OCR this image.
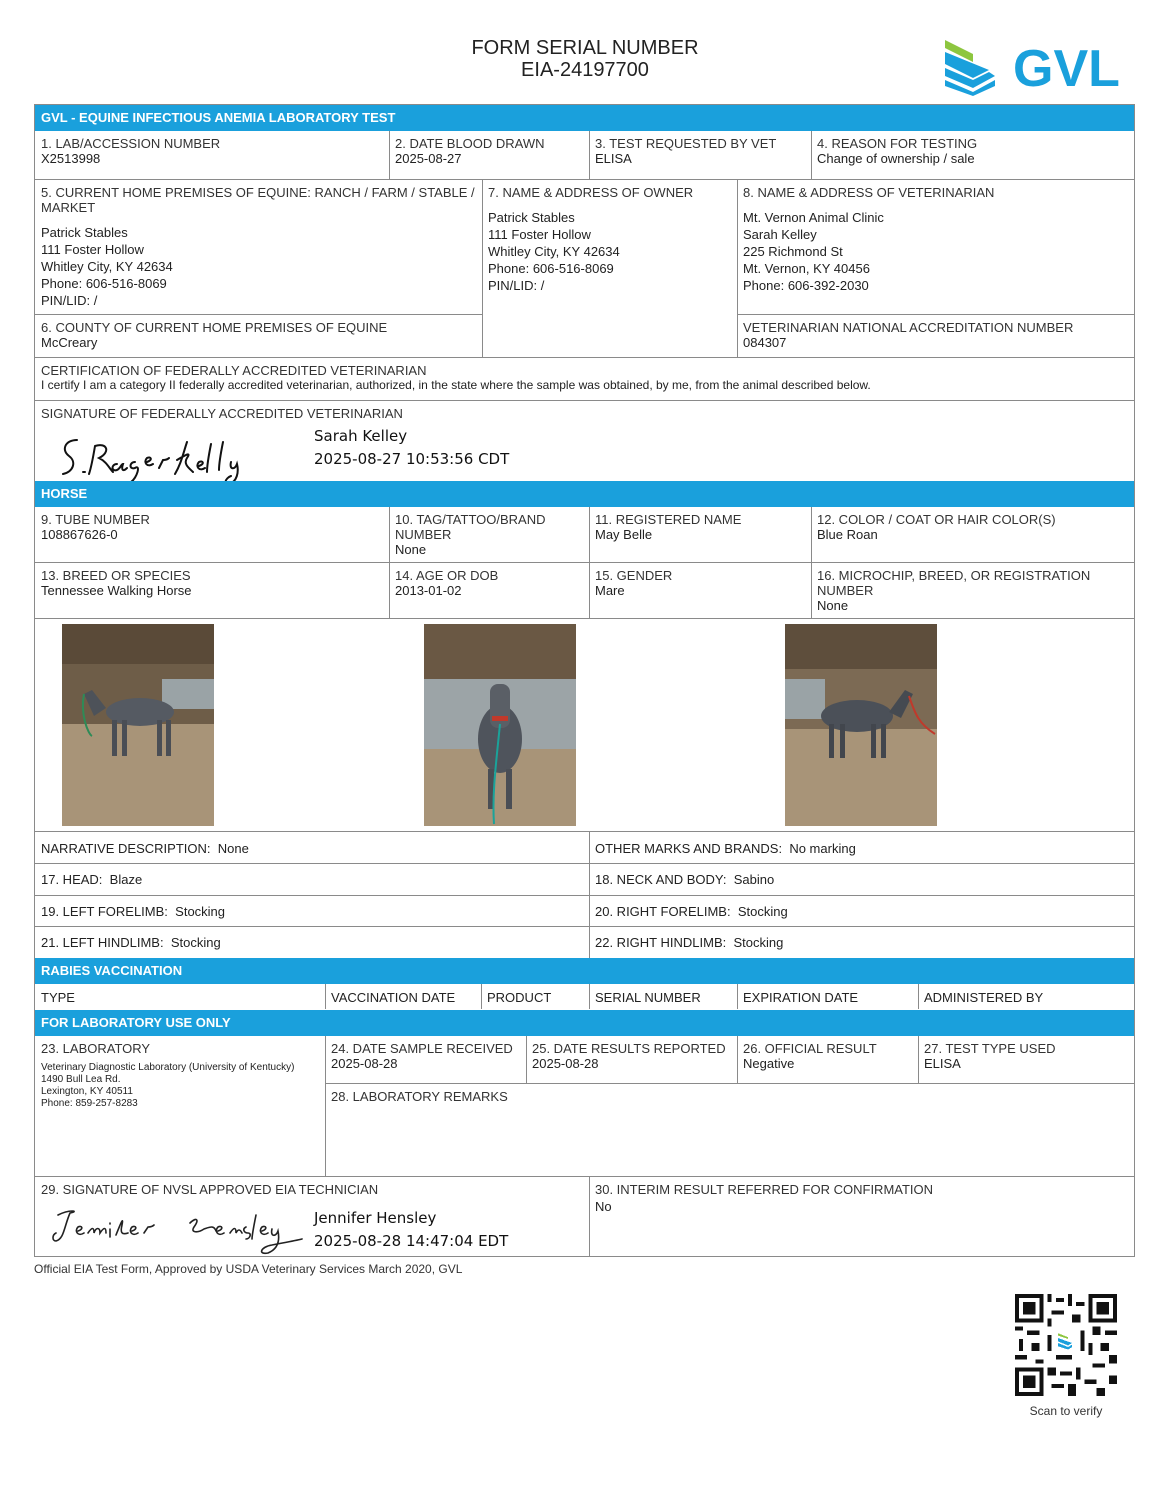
FORM SERIAL NUMBER
EIA-24197700	GVL
GVL - EQUINE INFECTIOUS ANEMIA LABORATORY TEST
1. LAB/ACCESSION NUMBER
X2513998
2. DATE BLOOD DRAWN
2025-08-27
3. TEST REQUESTED BY VET
ELISA
4. REASON FOR TESTING
Change of ownership / sale
5. CURRENT HOME PREMISES OF EQUINE: RANCH / FARM / STABLE / MARKET
Patrick Stables
111 Foster Hollow
Whitley City, KY 42634
Phone: 606-516-8069
PIN/LID: /
7. NAME & ADDRESS OF OWNER
Patrick Stables
111 Foster Hollow
Whitley City, KY 42634
Phone: 606-516-8069
PIN/LID: /
8. NAME & ADDRESS OF VETERINARIAN
Mt. Vernon Animal Clinic
Sarah Kelley
225 Richmond St
Mt. Vernon, KY 40456
Phone: 606-392-2030
6. COUNTY OF CURRENT HOME PREMISES OF EQUINE
McCreary
VETERINARIAN NATIONAL ACCREDITATION NUMBER
084307
CERTIFICATION OF FEDERALLY ACCREDITED VETERINARIAN
I certify I am a category II federally accredited veterinarian, authorized, in the state where the sample was obtained, by me, from the animal described below.
SIGNATURE OF FEDERALLY ACCREDITED VETERINARIAN
S. Roger Kelly	Sarah Kelley
2025-08-27 10:53:56 CDT
HORSE
9. TUBE NUMBER
108867626-0
10. TAG/TATTOO/BRAND NUMBER
None
11. REGISTERED NAME
May Belle
12. COLOR / COAT OR HAIR COLOR(S)
Blue Roan
13. BREED OR SPECIES
Tennessee Walking Horse
14. AGE OR DOB
2013-01-02
15. GENDER
Mare
16. MICROCHIP, BREED, OR REGISTRATION NUMBER
None
NARRATIVE DESCRIPTION: None	OTHER MARKS AND BRANDS: No marking
17. HEAD: Blaze	18. NECK AND BODY: Sabino
19. LEFT FORELIMB: Stocking	20. RIGHT FORELIMB: Stocking
21. LEFT HINDLIMB: Stocking	22. RIGHT HINDLIMB: Stocking
RABIES VACCINATION
TYPE	VACCINATION DATE	PRODUCT	SERIAL NUMBER	EXPIRATION DATE	ADMINISTERED BY
FOR LABORATORY USE ONLY
23. LABORATORY
Veterinary Diagnostic Laboratory (University of Kentucky)
1490 Bull Lea Rd.
Lexington, KY 40511
Phone: 859-257-8283
24. DATE SAMPLE RECEIVED
2025-08-28
25. DATE RESULTS REPORTED
2025-08-28
26. OFFICIAL RESULT
Negative
27. TEST TYPE USED
ELISA
28. LABORATORY REMARKS
29. SIGNATURE OF NVSL APPROVED EIA TECHNICIAN
Jennifer Hensley
Jennifer Hensley
2025-08-28 14:47:04 EDT
30. INTERIM RESULT REFERRED FOR CONFIRMATION
No
Official EIA Test Form, Approved by USDA Veterinary Services March 2020, GVL
Scan to verify
